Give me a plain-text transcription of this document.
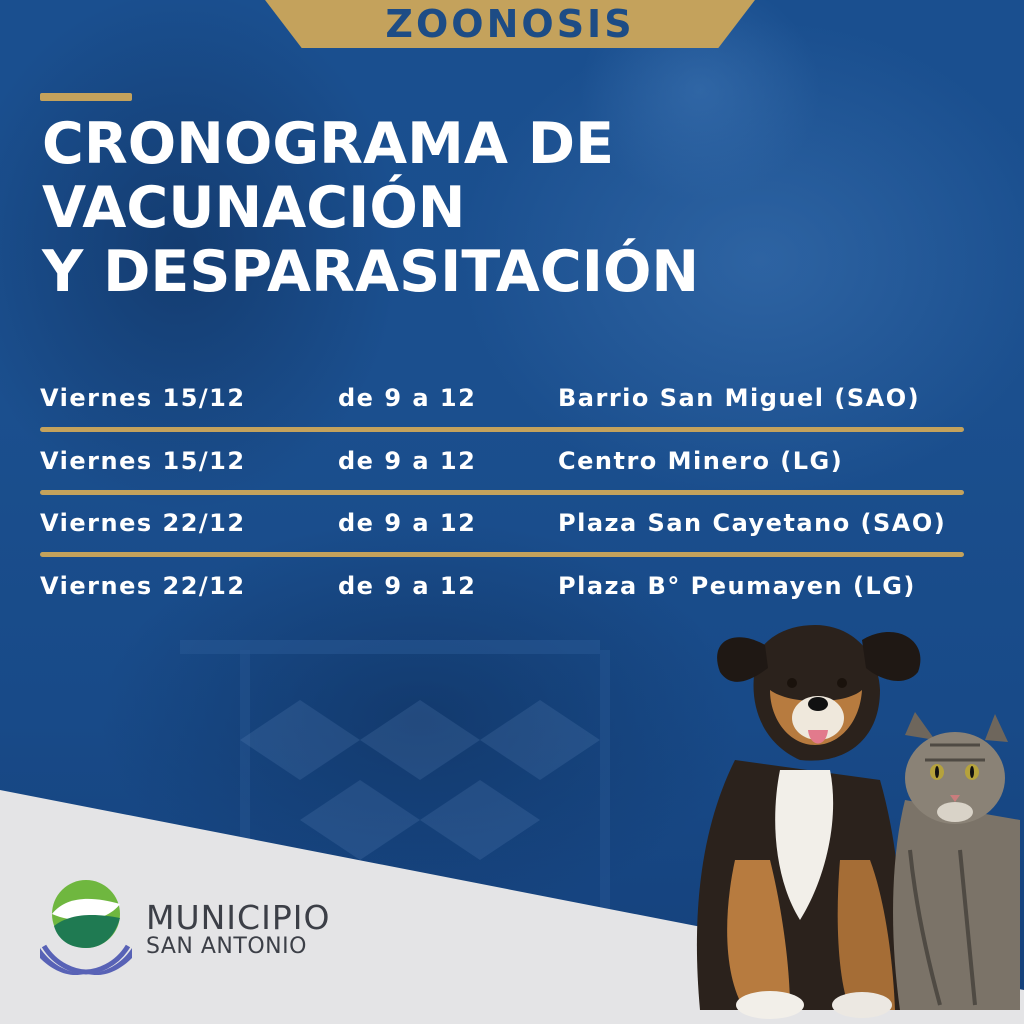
ZOONOSIS
CRONOGRAMA DE
VACUNACIÓN
Y DESPARASITACIÓN
Viernes 15/12	de 9 a 12	Barrio San Miguel (SAO)
Viernes 15/12	de 9 a 12	Centro Minero (LG)
Viernes 22/12	de 9 a 12	Plaza San Cayetano (SAO)
Viernes 22/12	de 9 a 12	Plaza B° Peumayen (LG)
MUNICIPIO
SAN ANTONIO
